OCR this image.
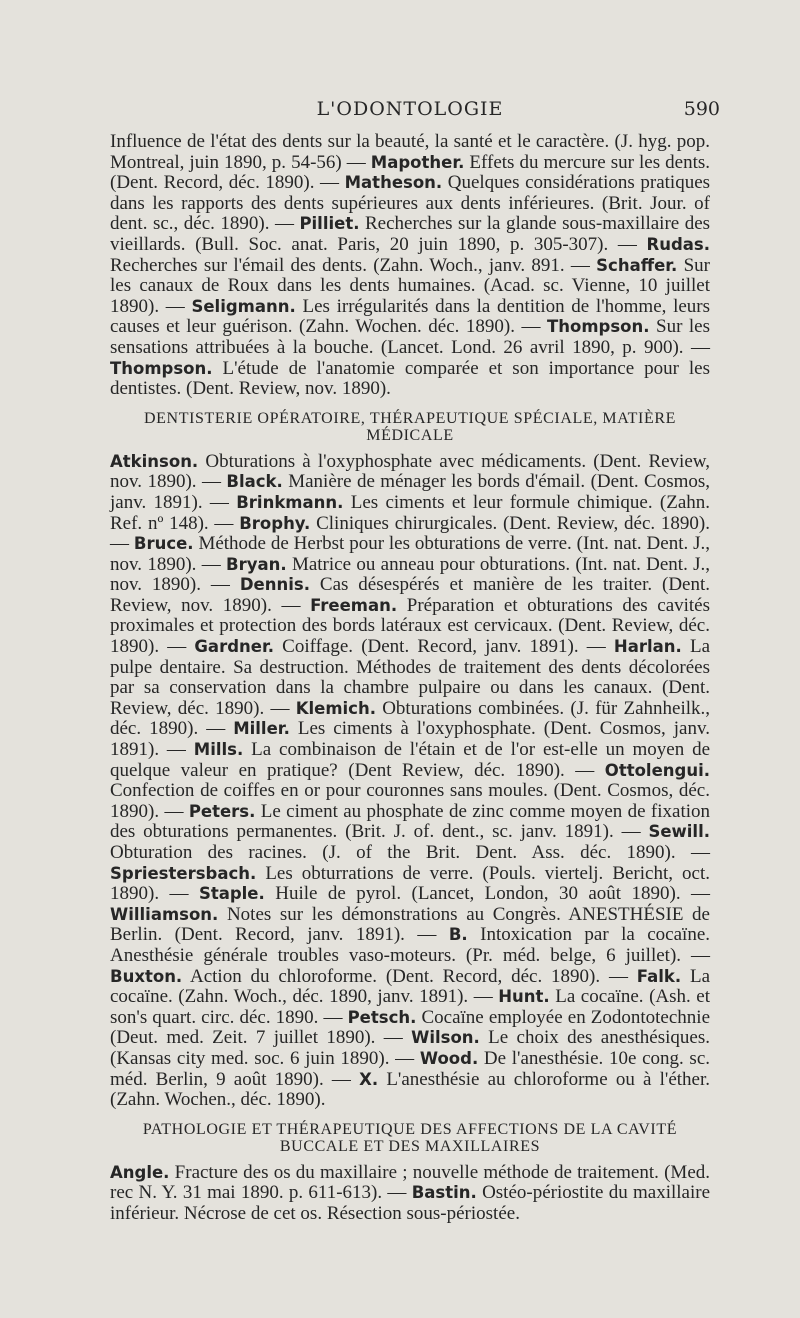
L'ODONTOLOGIE	590

Influence de l'état des dents sur la beauté, la santé et le caractère. (J. hyg. pop. Montreal, juin 1890, p. 54-56) — Mapother. Effets du mercure sur les dents. (Dent. Record, déc. 1890). — Matheson. Quelques considérations pratiques dans les rapports des dents supérieures aux dents inférieures. (Brit. Jour. of dent. sc., déc. 1890). — Pilliet. Recherches sur la glande sous-maxillaire des vieillards. (Bull. Soc. anat. Paris, 20 juin 1890, p. 305-307). — Rudas. Recherches sur l'émail des dents. (Zahn. Woch., janv. 891. — Schaffer. Sur les canaux de Roux dans les dents humaines. (Acad. sc. Vienne, 10 juillet 1890). — Seligmann. Les irrégularités dans la dentition de l'homme, leurs causes et leur guérison. (Zahn. Wochen. déc. 1890). — Thompson. Sur les sensations attribuées à la bouche. (Lancet. Lond. 26 avril 1890, p. 900). — Thompson. L'étude de l'anatomie comparée et son importance pour les dentistes. (Dent. Review, nov. 1890).

DENTISTERIE OPÉRATOIRE, THÉRAPEUTIQUE SPÉCIALE, MATIÈRE MÉDICALE

Atkinson. Obturations à l'oxyphosphate avec médicaments. (Dent. Review, nov. 1890). — Black. Manière de ménager les bords d'émail. (Dent. Cosmos, janv. 1891). — Brinkmann. Les ciments et leur formule chimique. (Zahn. Ref. nº 148). — Brophy. Cliniques chirurgicales. (Dent. Review, déc. 1890). — Bruce. Méthode de Herbst pour les obturations de verre. (Int. nat. Dent. J., nov. 1890). — Bryan. Matrice ou anneau pour obturations. (Int. nat. Dent. J., nov. 1890). — Dennis. Cas désespérés et manière de les traiter. (Dent. Review, nov. 1890). — Freeman. Préparation et obturations des cavités proximales et protection des bords latéraux est cervicaux. (Dent. Review, déc. 1890). — Gardner. Coiffage. (Dent. Record, janv. 1891). — Harlan. La pulpe dentaire. Sa destruction. Méthodes de traitement des dents décolorées par sa conservation dans la chambre pulpaire ou dans les canaux. (Dent. Review, déc. 1890). — Klemich. Obturations combinées. (J. für Zahnheilk., déc. 1890). — Miller. Les ciments à l'oxyphosphate. (Dent. Cosmos, janv. 1891). — Mills. La combinaison de l'étain et de l'or est-elle un moyen de quelque valeur en pratique? (Dent Review, déc. 1890). — Ottolengui. Confection de coiffes en or pour couronnes sans moules. (Dent. Cosmos, déc. 1890). — Peters. Le ciment au phosphate de zinc comme moyen de fixation des obturations permanentes. (Brit. J. of. dent., sc. janv. 1891). — Sewill. Obturation des racines. (J. of the Brit. Dent. Ass. déc. 1890). — Spriestersbach. Les obturrations de verre. (Pouls. viertelj. Bericht, oct. 1890). — Staple. Huile de pyrol. (Lancet, London, 30 août 1890). — Williamson. Notes sur les démonstrations au Congrès. ANESTHÉSIE de Berlin. (Dent. Record, janv. 1891). — B. Intoxication par la cocaïne. Anesthésie générale troubles vaso-moteurs. (Pr. méd. belge, 6 juillet). — Buxton. Action du chloroforme. (Dent. Record, déc. 1890). — Falk. La cocaïne. (Zahn. Woch., déc. 1890, janv. 1891). — Hunt. La cocaïne. (Ash. et son's quart. circ. déc. 1890. — Petsch. Cocaïne employée en Zodontotechnie (Deut. med. Zeit. 7 juillet 1890). — Wilson. Le choix des anesthésiques. (Kansas city med. soc. 6 juin 1890). — Wood. De l'anesthésie. 10e cong. sc. méd. Berlin, 9 août 1890). — X. L'anesthésie au chloroforme ou à l'éther. (Zahn. Wochen., déc. 1890).

PATHOLOGIE ET THÉRAPEUTIQUE DES AFFECTIONS DE LA CAVITÉ BUCCALE ET DES MAXILLAIRES

Angle. Fracture des os du maxillaire ; nouvelle méthode de traitement. (Med. rec N. Y. 31 mai 1890. p. 611-613). — Bastin. Ostéo-périostite du maxillaire inférieur. Nécrose de cet os. Résection sous-périostée.
